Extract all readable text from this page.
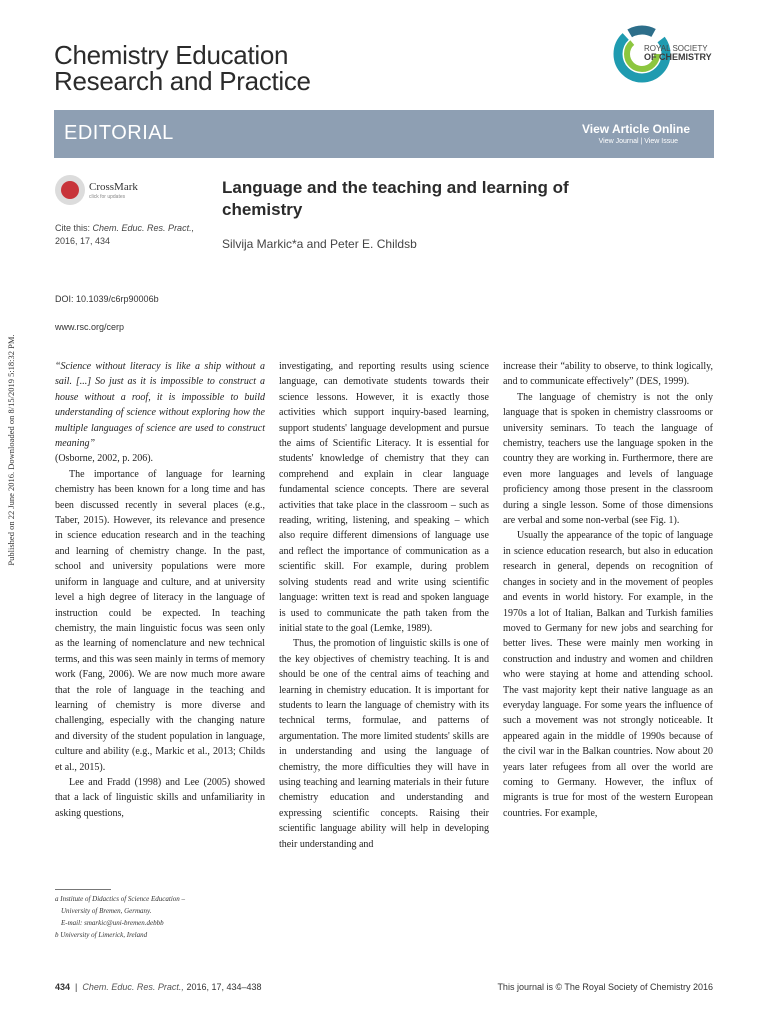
Chemistry Education
Research and Practice
ROYAL SOCIETY
OF CHEMISTRY
EDITORIAL	View Article Online
View Journal | View Issue
CrossMark
click for updates
Cite this: Chem. Educ. Res. Pract.,
2016, 17, 434
Language and the teaching and learning of chemistry
Silvija Markic*a and Peter E. Childsb
DOI: 10.1039/c6rp90006b
www.rsc.org/cerp
Published on 22 June 2016. Downloaded on 8/15/2019 5:18:32 PM.	“Science without literacy is like a ship without a sail. [...] So just as it is impossible to construct a house without a roof, it is impossible to build understanding of science without exploring how the multiple languages of science are used to construct meaning”

(Osborne, 2002, p. 206).

The importance of language for learning chemistry has been known for a long time and has been discussed recently in several places (e.g., Taber, 2015). However, its relevance and presence in science education research and in the teaching and learning of chemistry change. In the past, school and university populations were more uniform in language and culture, and at university level a high degree of literacy in the language of instruction could be expected. In teaching chemistry, the main linguistic focus was seen only as the learning of nomenclature and new technical terms, and this was seen mainly in terms of memory work (Fang, 2006). We are now much more aware that the role of language in the teaching and learning of chemistry is more diverse and challenging, especially with the changing nature and diversity of the student population in language, culture and ability (e.g., Markic et al., 2013; Childs et al., 2015).

Lee and Fradd (1998) and Lee (2005) showed that a lack of linguistic skills and unfamiliarity in asking questions,

investigating, and reporting results using science language, can demotivate students towards their science lessons. However, it is exactly those activities which support inquiry-based learning, support students' language development and pursue the aims of Scientific Literacy. It is essential for students' knowledge of chemistry that they can comprehend and explain in clear language fundamental science concepts. There are several activities that take place in the classroom – such as reading, writing, listening, and speaking – which also require different dimensions of language use and reflect the importance of communication as a scientific skill. For example, during problem solving students read and write using scientific language: written text is read and spoken language is used to communicate the path taken from the initial state to the goal (Lemke, 1989).

Thus, the promotion of linguistic skills is one of the key objectives of chemistry teaching. It is and should be one of the central aims of teaching and learning in chemistry education. It is important for students to learn the language of chemistry with its technical terms, formulae, and patterns of argumentation. The more limited students' skills are in understanding and using the language of chemistry, the more difficulties they will have in using teaching and learning materials in their future chemistry education and understanding and expressing scientific concepts. Raising their scientific language ability will help in developing their understanding and

increase their “ability to observe, to think logically, and to communicate effectively” (DES, 1999).

The language of chemistry is not the only language that is spoken in chemistry classrooms or university seminars. To teach the language of chemistry, teachers use the language spoken in the country they are working in. Furthermore, there are even more languages and levels of language proficiency among those present in the classroom during a single lesson. Some of those dimensions are verbal and some non-verbal (see Fig. 1).

Usually the appearance of the topic of language in science education research, but also in education research in general, depends on recognition of changes in society and in the movement of peoples and events in world history. For example, in the 1970s a lot of Italian, Balkan and Turkish families moved to Germany for new jobs and searching for better lives. These were mainly men working in construction and industry and women and children who were staying at home and attending school. The vast majority kept their native language as an everyday language. For some years the influence of such a movement was not strongly noticeable. It appeared again in the middle of 1990s because of the civil war in the Balkan countries. Now about 20 years later refugees from all over the world are coming to Germany. However, the influx of migrants is true for most of the western European countries. For example,

a Institute of Didactics of Science Education –
University of Bremen, Germany.
E-mail: smarkic@uni-bremen.debbb
b University of Limerick, Ireland
434  |  Chem. Educ. Res. Pract., 2016, 17, 434–438	This journal is © The Royal Society of Chemistry 2016
